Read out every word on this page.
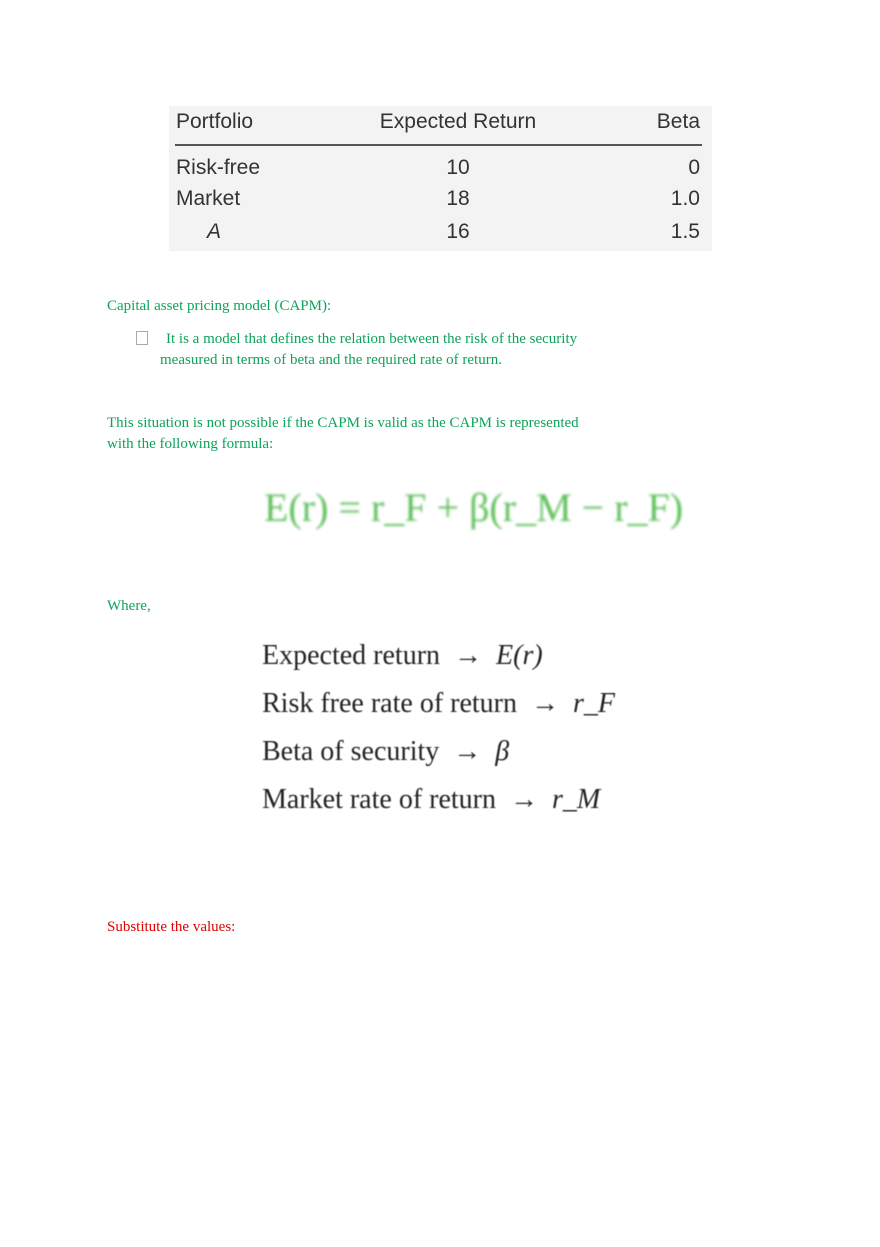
Portfolio	Expected Return	Beta
Risk-free	10	0
Market	18	1.0
A	16	1.5
Capital asset pricing model (CAPM):
It is a model that defines the relation between the risk of the security
measured in terms of beta and the required rate of return.
This situation is not possible if the CAPM is valid as the CAPM is represented
with the following formula:
E(r) = r_F + β(r_M − r_F)
Where,
Expected return  →  E(r)
Risk free rate of return  →  r_F
Beta of security  →  β
Market rate of return  →  r_M
Substitute the values:
